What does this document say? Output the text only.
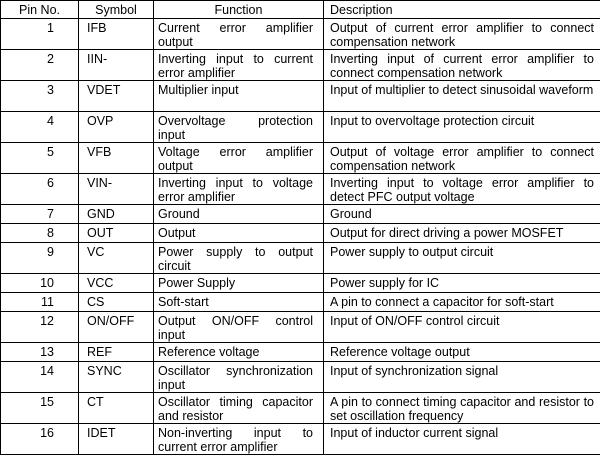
Pin No.	Symbol	Function	Description
1	IFB	Current error amplifier output	Output of current error amplifier to connect compensation network
2	IIN-	Inverting input to current error amplifier	Inverting input of current error amplifier to connect compensation network
3	VDET	Multiplier input	Input of multiplier to detect sinusoidal waveform
4	OVP	Overvoltage protection input	Input to overvoltage protection circuit
5	VFB	Voltage error amplifier output	Output of voltage error amplifier to connect compensation network
6	VIN-	Inverting input to voltage error amplifier	Inverting input to voltage error amplifier to detect PFC output voltage
7	GND	Ground	Ground
8	OUT	Output	Output for direct driving a power MOSFET
9	VC	Power supply to output circuit	Power supply to output circuit
10	VCC	Power Supply	Power supply for IC
11	CS	Soft-start	A pin to connect a capacitor for soft-start
12	ON/OFF	Output ON/OFF control input	Input of ON/OFF control circuit
13	REF	Reference voltage	Reference voltage output
14	SYNC	Oscillator synchronization input	Input of synchronization signal
15	CT	Oscillator timing capacitor and resistor	A pin to connect timing capacitor and resistor to set oscillation frequency
16	IDET	Non-inverting input to current error amplifier	Input of inductor current signal
